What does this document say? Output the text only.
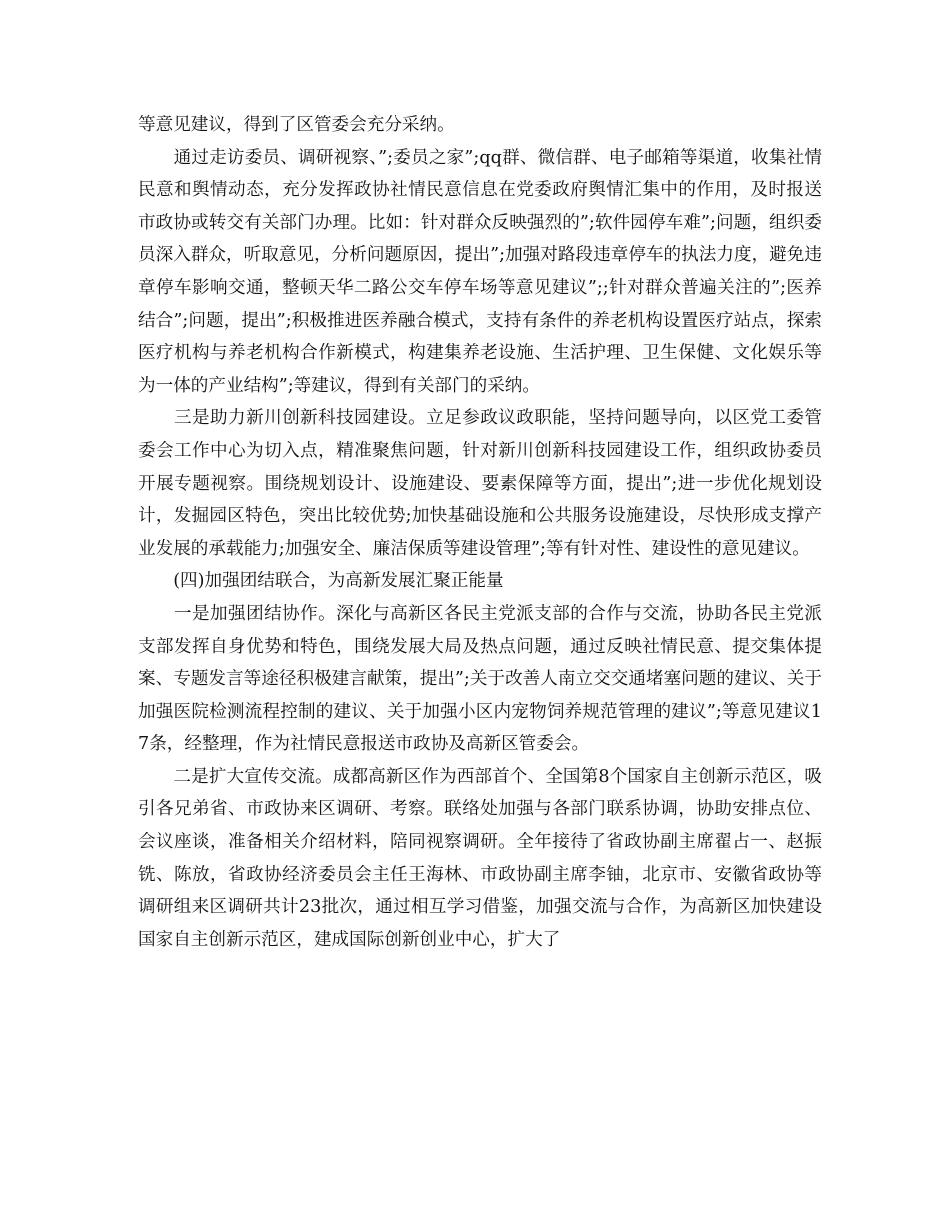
等意见建议，得到了区管委会充分采纳。

　　通过走访委员、调研视察、”;委员之家”;qq群、微信群、电子邮箱等渠道，收集社情民意和舆情动态，充分发挥政协社情民意信息在党委政府舆情汇集中的作用，及时报送市政协或转交有关部门办理。比如：针对群众反映强烈的”;软件园停车难”;问题，组织委员深入群众，听取意见，分析问题原因，提出”;加强对路段违章停车的执法力度，避免违章停车影响交通，整顿天华二路公交车停车场等意见建议”;;针对群众普遍关注的”;医养结合”;问题，提出”;积极推进医养融合模式，支持有条件的养老机构设置医疗站点，探索医疗机构与养老机构合作新模式，构建集养老设施、生活护理、卫生保健、文化娱乐等为一体的产业结构”;等建议，得到有关部门的采纳。

　　三是助力新川创新科技园建设。立足参政议政职能，坚持问题导向，以区党工委管委会工作中心为切入点，精准聚焦问题，针对新川创新科技园建设工作，组织政协委员开展专题视察。围绕规划设计、设施建设、要素保障等方面，提出”;进一步优化规划设计，发掘园区特色，突出比较优势;加快基础设施和公共服务设施建设，尽快形成支撑产业发展的承载能力;加强安全、廉洁保质等建设管理”;等有针对性、建设性的意见建议。

　　(四)加强团结联合，为高新发展汇聚正能量

　　一是加强团结协作。深化与高新区各民主党派支部的合作与交流，协助各民主党派支部发挥自身优势和特色，围绕发展大局及热点问题，通过反映社情民意、提交集体提案、专题发言等途径积极建言献策，提出”;关于改善人南立交交通堵塞问题的建议、关于加强医院检测流程控制的建议、关于加强小区内宠物饲养规范管理的建议”;等意见建议17条，经整理，作为社情民意报送市政协及高新区管委会。

　　二是扩大宣传交流。成都高新区作为西部首个、全国第8个国家自主创新示范区，吸引各兄弟省、市政协来区调研、考察。联络处加强与各部门联系协调，协助安排点位、会议座谈，准备相关介绍材料，陪同视察调研。全年接待了省政协副主席翟占一、赵振铣、陈放，省政协经济委员会主任王海林、市政协副主席李铀，北京市、安徽省政协等调研组来区调研共计23批次，通过相互学习借鉴，加强交流与合作，为高新区加快建设国家自主创新示范区，建成国际创新创业中心，扩大了
